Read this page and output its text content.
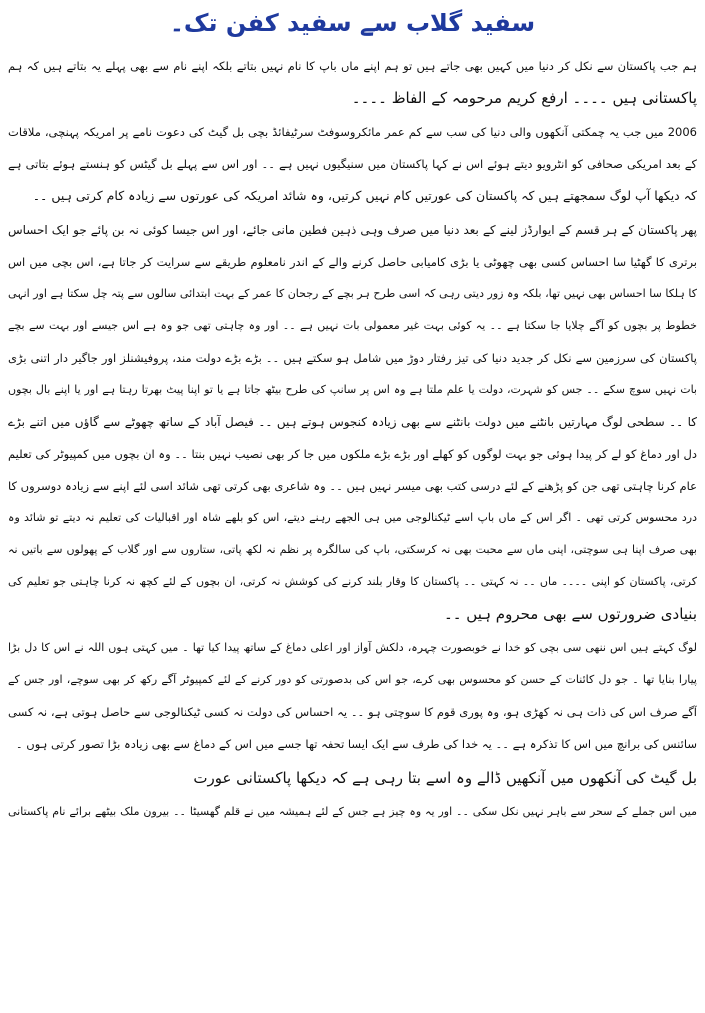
سفید گلاب سے سفید کفن تک۔
ہم جب پاکستان سے نکل کر دنیا میں کہیں بھی جاتے ہیں تو ہم اپنے ماں باپ کا نام نہیں بتاتے بلکہ اپنے نام سے بھی پہلے یہ بتاتے ہیں کہ ہم
پاکستانی ہیں ۔۔۔۔ ارفع کریم مرحومہ کے الفاظ ۔۔۔۔
2006 میں جب یہ چمکتی آنکھوں والی دنیا کی سب سے کم عمر مائکروسوفٹ سرٹیفائڈ بچی بل گیٹ کی دعوت نامے پر امریکہ پہنچی، ملاقات
کے بعد امریکی صحافی کو انٹرویو دیتے ہوئے اس نے کہا پاکستان میں سنیگیوں نہیں ہے ۔۔ اور اس سے پہلے بل گیٹس کو ہنستے ہوئے بتاتی ہے
کہ دیکھا آپ لوگ سمجھتے ہیں کہ پاکستان کی عورتیں کام نہیں کرتیں، وہ شائد امریکہ کی عورتوں سے زیادہ کام کرتی ہیں ۔۔
پھر پاکستان کے ہر قسم کے ایوارڈز لینے کے بعد دنیا میں صرف وہی ذہین فطین مانی جائے، اور اس جیسا کوئی نہ بن پائے جو ایک احساس
برتری کا گھٹیا سا احساس کسی بھی چھوٹی یا بڑی کامیابی حاصل کرنے والے کے اندر نامعلوم طریقے سے سرایت کر جاتا ہے، اس بچی میں اس
کا ہلکا سا احساس بھی نہیں تھا، بلکہ وہ زور دیتی رہی کہ اسی طرح ہر بچے کے رجحان کا عمر کے بہت ابتدائی سالوں سے پتہ چل سکتا ہے اور انہی
خطوط پر بچوں کو آگے چلایا جا سکتا ہے ۔۔ یہ کوئی بہت غیر معمولی بات نہیں ہے ۔۔ اور وہ چاہتی تھی جو وہ ہے اس جیسے اور بہت سے بچے
پاکستان کی سرزمین سے نکل کر جدید دنیا کی تیز رفتار دوڑ میں شامل ہو سکتے ہیں ۔۔ بڑے بڑے دولت مند، پروفیشنلز اور جاگیر دار اتنی بڑی
بات نہیں سوچ سکے ۔۔ جس کو شہرت، دولت یا علم ملتا ہے وہ اس پر سانپ کی طرح بیٹھ جاتا ہے یا تو اپنا پیٹ بھرتا رہتا ہے اور یا اپنے بال بچوں
کا ۔۔ سطحی لوگ مہارتیں بانٹنے میں دولت بانٹنے سے بھی زیادہ کنجوس ہوتے ہیں ۔۔ فیصل آباد کے ساتھ چھوٹے سے گاؤں میں اتنے بڑے
دل اور دماغ کو لے کر پیدا ہوئی جو بہت لوگوں کو کھلے اور بڑے بڑے ملکوں میں جا کر بھی نصیب نہیں بنتا ۔۔ وہ ان بچوں میں کمپیوٹر کی تعلیم
عام کرنا چاہتی تھی جن کو پڑھنے کے لئے درسی کتب بھی میسر نہیں ہیں ۔۔ وہ شاعری بھی کرتی تھی شائد اسی لئے اپنے سے زیادہ دوسروں کا
درد محسوس کرتی تھی ۔ اگر اس کے ماں باپ اسے ٹیکنالوجی میں ہی الجھے رہنے دیتے، اس کو بلھے شاہ اور اقبالیات کی تعلیم نہ دیتے تو شائد وہ
بھی صرف اپنا ہی سوچتی، اپنی ماں سے محبت بھی نہ کرسکتی، باپ کی سالگرہ پر نظم نہ لکھ پاتی، ستاروں سے اور گلاب کے پھولوں سے باتیں نہ
کرتی، پاکستان کو اپنی ۔۔۔۔ ماں ۔۔ نہ کہتی ۔۔ پاکستان کا وقار بلند کرنے کی کوشش نہ کرتی، ان بچوں کے لئے کچھ نہ کرنا چاہتی جو تعلیم کی
بنیادی ضرورتوں سے بھی محروم ہیں ۔۔
لوگ کہتے ہیں اس ننھی سی بچی کو خدا نے خوبصورت چہرہ، دلکش آواز اور اعلی دماغ کے ساتھ پیدا کیا تھا ۔ میں کہتی ہوں اللہ نے اس کا دل بڑا
پیارا بنایا تھا ۔ جو دل کائنات کے حسن کو محسوس بھی کرے، جو اس کی بدصورتی کو دور کرنے کے لئے کمپیوٹر آگے رکھ کر بھی سوچے، اور جس کے
آگے صرف اس کی ذات ہی نہ کھڑی ہو، وہ پوری قوم کا سوچتی ہو ۔۔ یہ احساس کی دولت نہ کسی ٹیکنالوجی سے حاصل ہوتی ہے، نہ کسی
سائنس کی برانچ میں اس کا تذکرہ ہے ۔۔ یہ خدا کی طرف سے ایک ایسا تحفہ تھا جسے میں اس کے دماغ سے بھی زیادہ بڑا تصور کرتی ہوں ۔
بل گیٹ کی آنکھوں میں آنکھیں ڈالے وہ اسے بتا رہی ہے کہ دیکھا پاکستانی عورت
میں اس جملے کے سحر سے باہر نہیں نکل سکی ۔۔ اور یہ وہ چیز ہے جس کے لئے ہمیشہ میں نے قلم گھسیٹا ۔۔ بیرون ملک بیٹھے برائے نام پاکستانی
